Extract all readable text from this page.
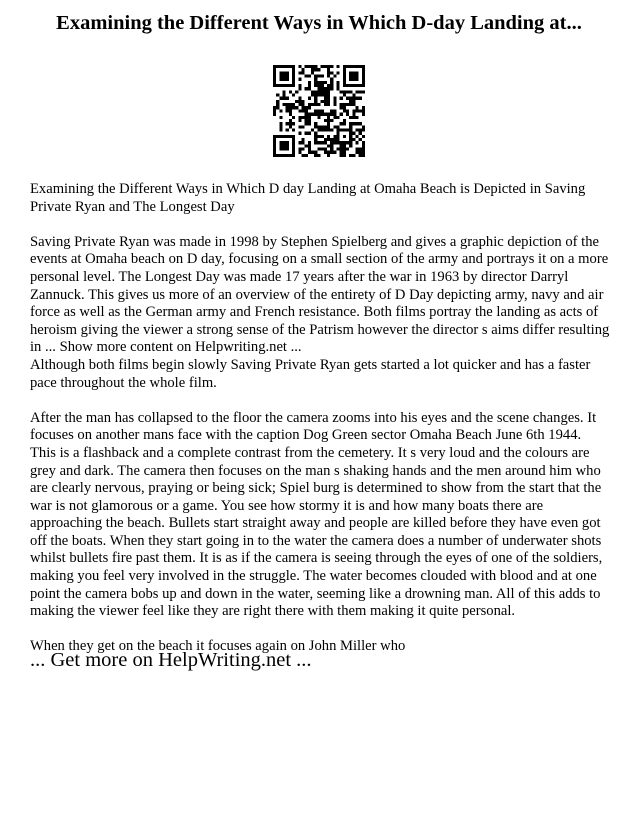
Examining the Different Ways in Which D-day Landing at...

Examining the Different Ways in Which D day Landing at Omaha Beach is Depicted in Saving Private Ryan and The Longest Day

Saving Private Ryan was made in 1998 by Stephen Spielberg and gives a graphic depiction of the events at Omaha beach on D day, focusing on a small section of the army and portrays it on a more personal level. The Longest Day was made 17 years after the war in 1963 by director Darryl Zannuck. This gives us more of an overview of the entirety of D Day depicting army, navy and air force as well as the German army and French resistance. Both films portray the landing as acts of heroism giving the viewer a strong sense of the Patrism however the director s aims differ resulting in ... Show more content on Helpwriting.net ...

Although both films begin slowly Saving Private Ryan gets started a lot quicker and has a faster pace throughout the whole film.

After the man has collapsed to the floor the camera zooms into his eyes and the scene changes. It focuses on another mans face with the caption Dog Green sector Omaha Beach June 6th 1944. This is a flashback and a complete contrast from the cemetery. It s very loud and the colours are grey and dark. The camera then focuses on the man s shaking hands and the men around him who are clearly nervous, praying or being sick; Spiel burg is determined to show from the start that the war is not glamorous or a game. You see how stormy it is and how many boats there are approaching the beach. Bullets start straight away and people are killed before they have even got off the boats. When they start going in to the water the camera does a number of underwater shots whilst bullets fire past them. It is as if the camera is seeing through the eyes of one of the soldiers, making you feel very involved in the struggle. The water becomes clouded with blood and at one point the camera bobs up and down in the water, seeming like a drowning man. All of this adds to making the viewer feel like they are right there with them making it quite personal.

When they get on the beach it focuses again on John Miller who

... Get more on HelpWriting.net ...
